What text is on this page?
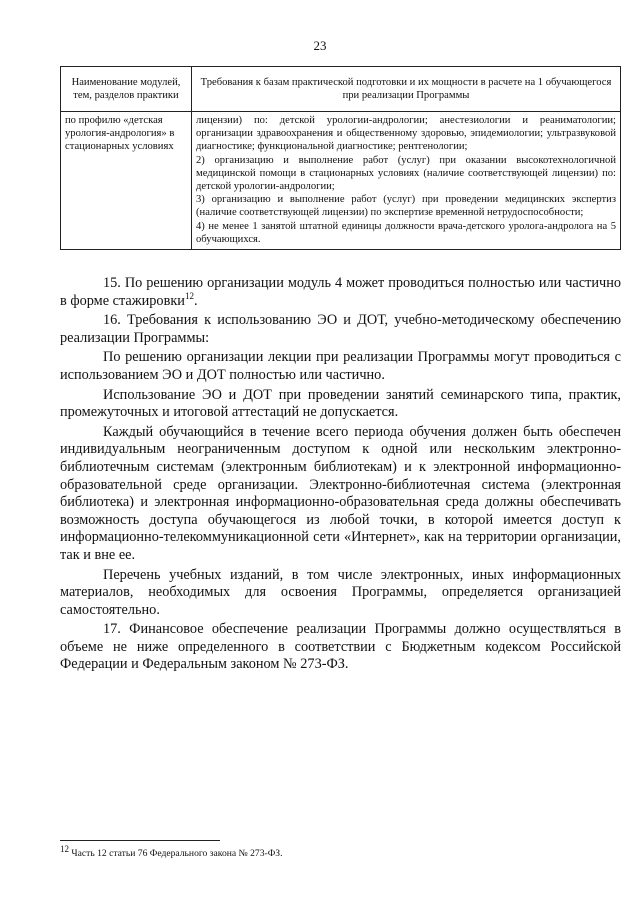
23
Наименование модулей, тем, разделов практики	Требования к базам практической подготовки и их мощности в расчете на 1 обучающегося при реализации Программы
по профилю «детская урология-андрология» в стационарных условиях	лицензии) по: детской урологии-андрологии; анестезиологии и реаниматологии; организации здравоохранения и общественному здоровью, эпидемиологии; ультразвуковой диагностике; функциональной диагностике; рентгенологии;
2) организацию и выполнение работ (услуг) при оказании высокотехнологичной медицинской помощи в стационарных условиях (наличие соответствующей лицензии) по: детской урологии-андрологии;
3) организацию и выполнение работ (услуг) при проведении медицинских экспертиз (наличие соответствующей лицензии) по экспертизе временной нетрудоспособности;
4) не менее 1 занятой штатной единицы должности врача-детского уролога-андролога на 5 обучающихся.

15. По решению организации модуль 4 может проводиться полностью или частично в форме стажировки$^{12}$.

16. Требования к использованию ЭО и ДОТ, учебно-методическому обеспечению реализации Программы:

По решению организации лекции при реализации Программы могут проводиться с использованием ЭО и ДОТ полностью или частично.

Использование ЭО и ДОТ при проведении занятий семинарского типа, практик, промежуточных и итоговой аттестаций не допускается.

Каждый обучающийся в течение всего периода обучения должен быть обеспечен индивидуальным неограниченным доступом к одной или нескольким электронно-библиотечным системам (электронным библиотекам) и к электронной информационно-образовательной среде организации. Электронно-библиотечная система (электронная библиотека) и электронная информационно-образовательная среда должны обеспечивать возможность доступа обучающегося из любой точки, в которой имеется доступ к информационно-телекоммуникационной сети «Интернет», как на территории организации, так и вне ее.

Перечень учебных изданий, в том числе электронных, иных информационных материалов, необходимых для освоения Программы, определяется организацией самостоятельно.

17. Финансовое обеспечение реализации Программы должно осуществляться в объеме не ниже определенного в соответствии с Бюджетным кодексом Российской Федерации и Федеральным законом № 273-ФЗ.

$^{12}$ Часть 12 статьи 76 Федерального закона № 273-ФЗ.
